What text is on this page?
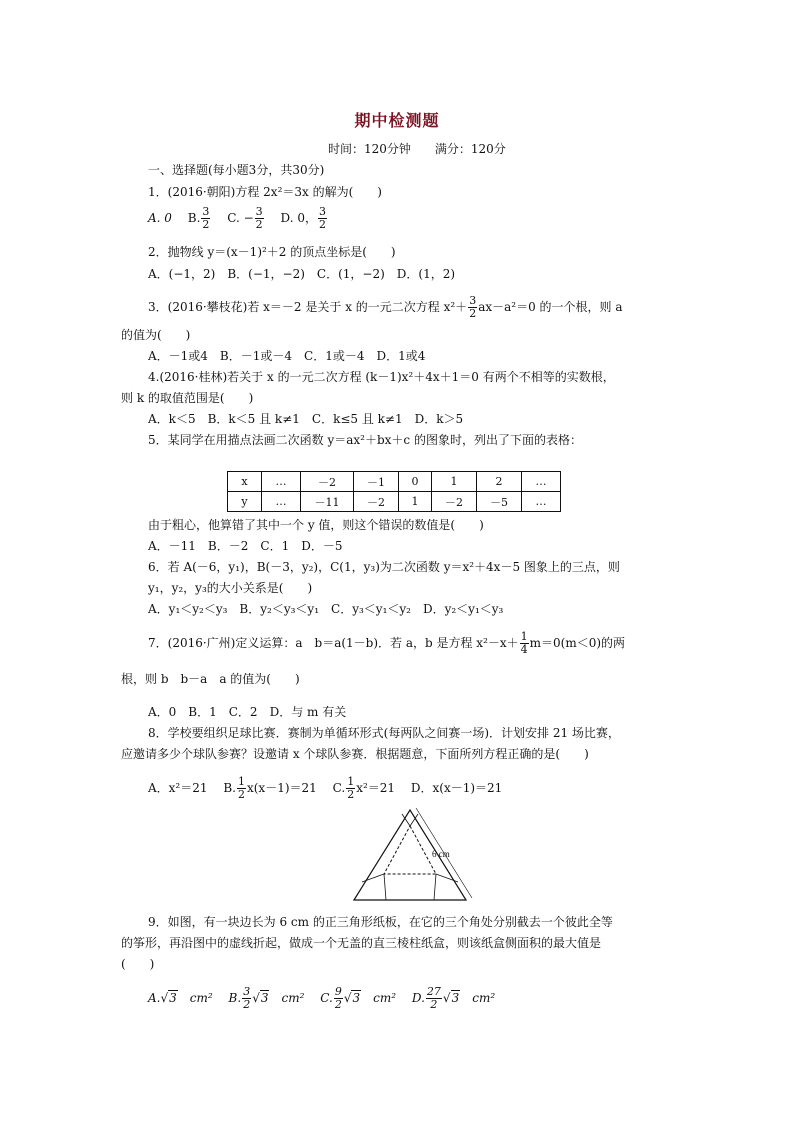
期中检测题
时间：120分钟　　满分：120分
一、选择题(每小题3分，共30分)
1．(2016·朝阳)方程 2x²＝3x 的解为(　　)
A. 0　 B. $\frac{3}{2}$
　 C. − $\frac{3}{2}$
　 D. 0， $\frac{3}{2}$
2．抛物线 y＝(x－1)²＋2 的顶点坐标是(　　)
A．(−1，2)　B．(−1，−2)　C．(1，−2)　D．(1，2)
3．(2016·攀枝花)若 x＝－2 是关于 x 的一元二次方程 $x^2+ \frac{3}{2} ax-a^2=0$ 的一个根，则 a
的值为(　　)
A．－1或4　B．－1或－4　C．1或－4　D．1或4
4.(2016·桂林)若关于 x 的一元二次方程 (k－1)x²＋4x＋1＝0 有两个不相等的实数根，
则 k 的取值范围是(　　)
A．k＜5　B．k＜5 且 k≠1　C．k≤5 且 k≠1　D．k＞5
5．某同学在用描点法画二次函数 y＝ax²＋bx＋c 的图象时，列出了下面的表格：
x	…	－2	－1	0	1	2	…
y	…	－11	－2	1	－2	－5	…
由于粗心，他算错了其中一个 y 值，则这个错误的数值是(　　)
A．－11　B．－2　C．1　D．－5
6．若 A(－6，y₁)，B(－3，y₂)，C(1，y₃)为二次函数 y＝x²＋4x－5 图象上的三点，则
y₁，y₂，y₃的大小关系是(　　)
A．y₁＜y₂＜y₃　B．y₂＜y₃＜y₁　C．y₃＜y₁＜y₂　D．y₂＜y₁＜y₃
7．(2016·广州)定义运算：a　b＝a(1－b)．若 a，b 是方程 $x^2-x+ \frac{1}{4} m=0(m<0)$的两
根，则 b　b－a　a 的值为(　　)
A．0　B．1　C．2　D．与 m 有关
8．学校要组织足球比赛．赛制为单循环形式(每两队之间赛一场)．计划安排 21 场比赛，
应邀请多少个球队参赛？设邀请 x 个球队参赛．根据题意，下面所列方程正确的是(　　)
A．x²＝21　 B. $\frac{1}{2} x(x-1)=21$　 C. $\frac{1}{2} x^2=21$　 D．x(x－1)＝21
6 cm
9．如图，有一块边长为 6 cm 的正三角形纸板，在它的三个角处分别截去一个彼此全等
的筝形，再沿图中的虚线折起，做成一个无盖的直三棱柱纸盒，则该纸盒侧面积的最大值是
(　　)
A.√3　 cm²　 B. $\frac{3}{2} √3$　 cm²　 C. $\frac{9}{2} √3$　 cm²　 D. $\frac{27}{2} √3$　 cm²
